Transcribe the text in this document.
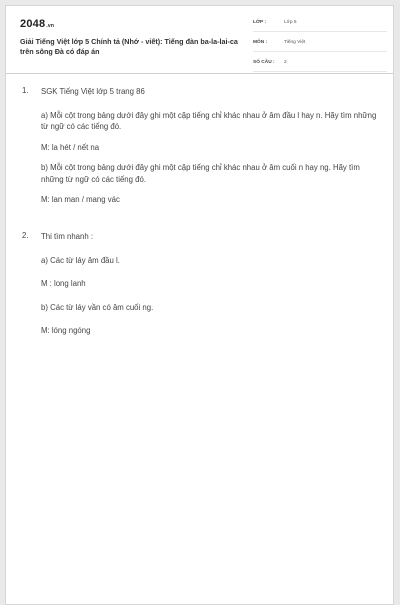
2048.vn
Giải Tiếng Việt lớp 5 Chính tả (Nhớ - viết): Tiếng đàn ba-la-lai-ca trên sông Đà có đáp án
LỚP :	Lớp 5
MÔN :	Tiếng Việt
SỐ CÂU : 2
1. SGK Tiếng Việt lớp 5 trang 86

a) Mỗi cột trong bảng dưới đây ghi một cặp tiếng chỉ khác nhau ở âm đầu l hay n. Hãy tìm những từ ngữ có các tiếng đó.

M: la hét / nết na

b) Mỗi cột trong bảng dưới đây ghi một cặp tiếng chỉ khác nhau ở âm cuối n hay ng. Hãy tìm những từ ngữ có các tiếng đó.

M: lan man / mang vác

2. Thi tìm nhanh :

a) Các từ láy âm đầu l.

M : long lanh

b) Các từ láy vần có âm cuối ng.

M: lóng ngóng
